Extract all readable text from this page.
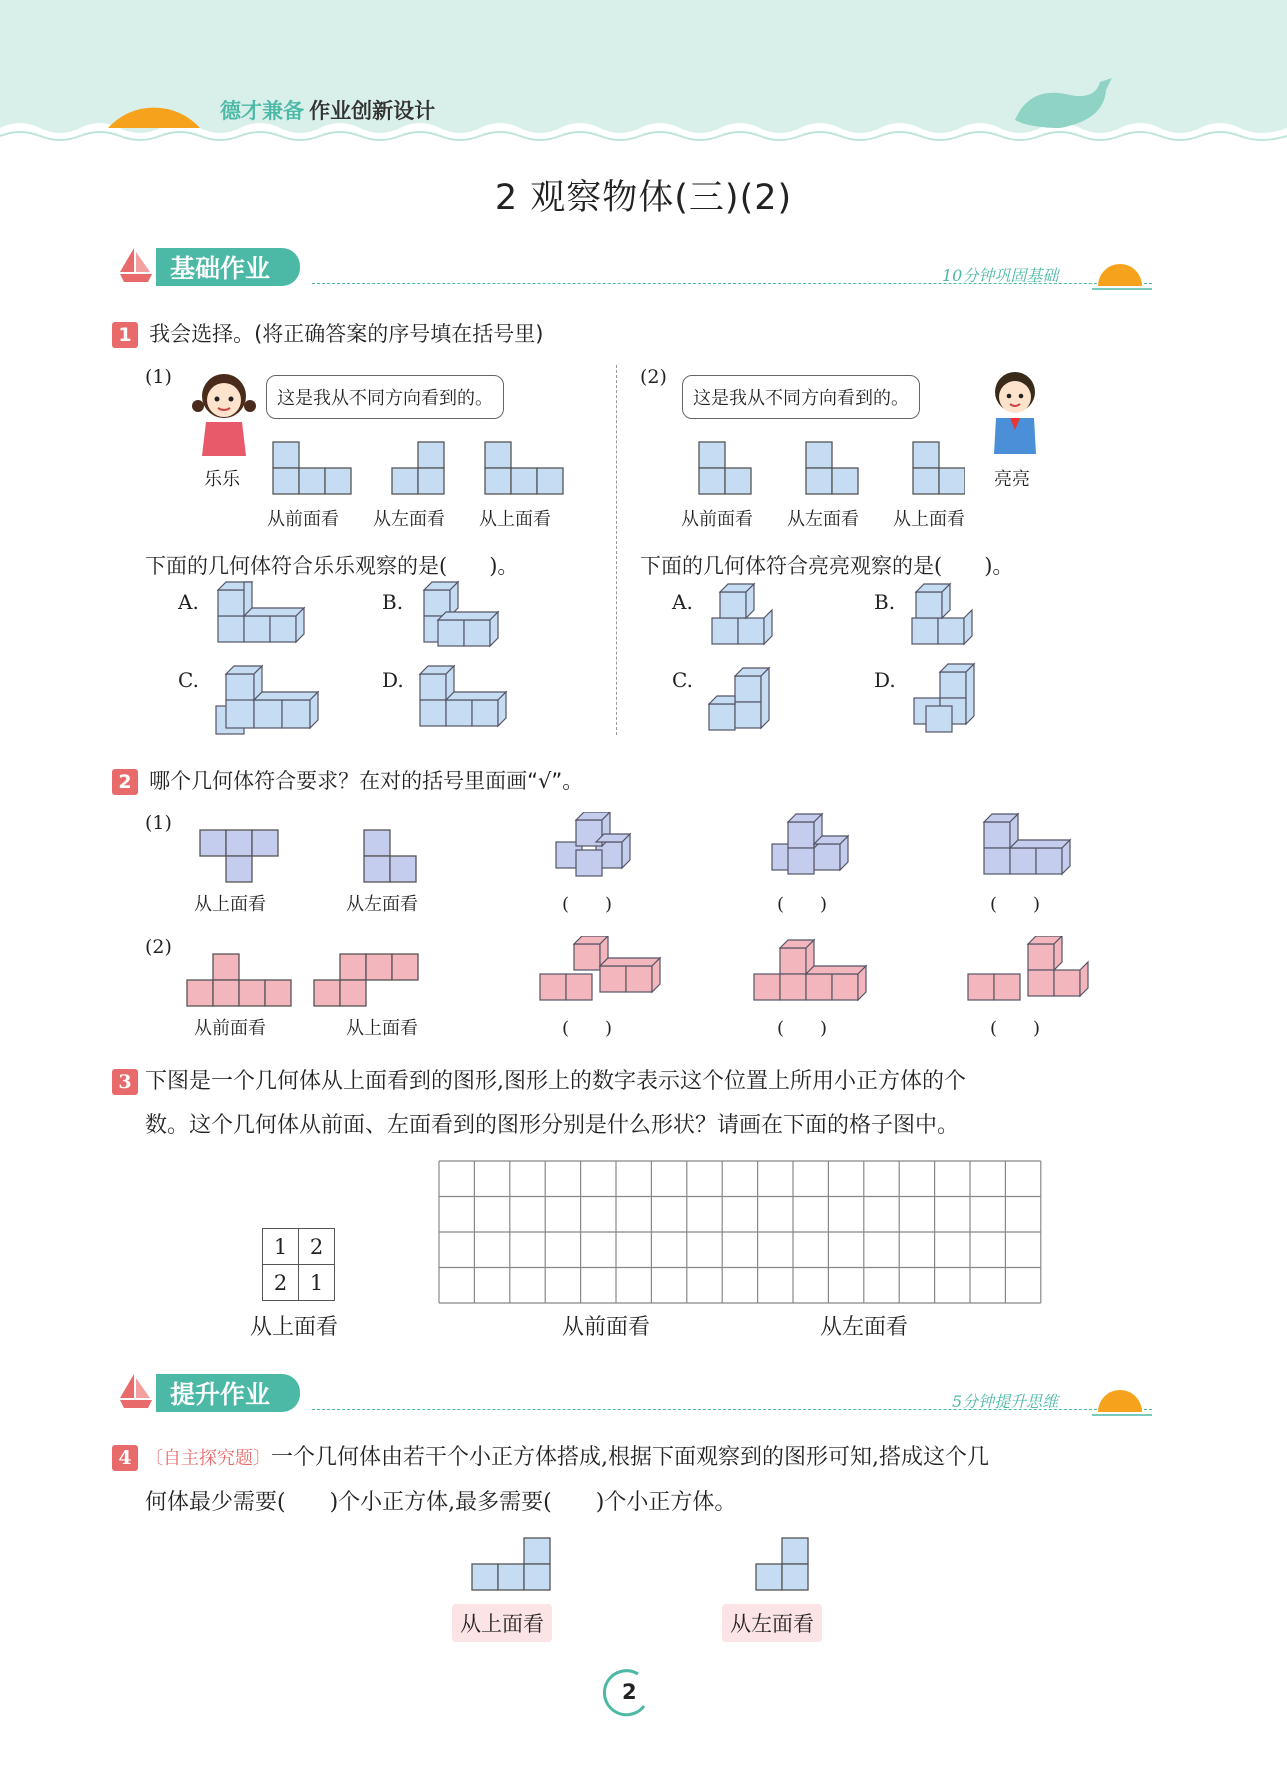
德才兼备 作业创新设计
2 观察物体(三)(2)
基础作业	10分钟巩固基础
1 我会选择。(将正确答案的序号填在括号里)
(1)
这是我从不同方向看到的。
乐乐
从前面看 从左面看 从上面看
下面的几何体符合乐乐观察的是(　　)。
A.	B.
C.	D.
(2)
这是我从不同方向看到的。
亮亮
从前面看 从左面看 从上面看
下面的几何体符合亮亮观察的是(　　)。
A.	B.
C.	D.
2 哪个几何体符合要求？在对的括号里面画“√”。
(1)
从上面看	从左面看	(　　)	(　　)	(　　)
(2)
从前面看	从上面看	(　　)	(　　)	(　　)
3 下图是一个几何体从上面看到的图形,图形上的数字表示这个位置上所用小正方体的个
数。这个几何体从前面、左面看到的图形分别是什么形状？请画在下面的格子图中。
1	2
2	1
从上面看	从前面看	从左面看
提升作业	5分钟提升思维
4 〔自主探究题〕一个几何体由若干个小正方体搭成,根据下面观察到的图形可知,搭成这个几
何体最少需要(　　)个小正方体,最多需要(　　)个小正方体。
从上面看	从左面看
2
